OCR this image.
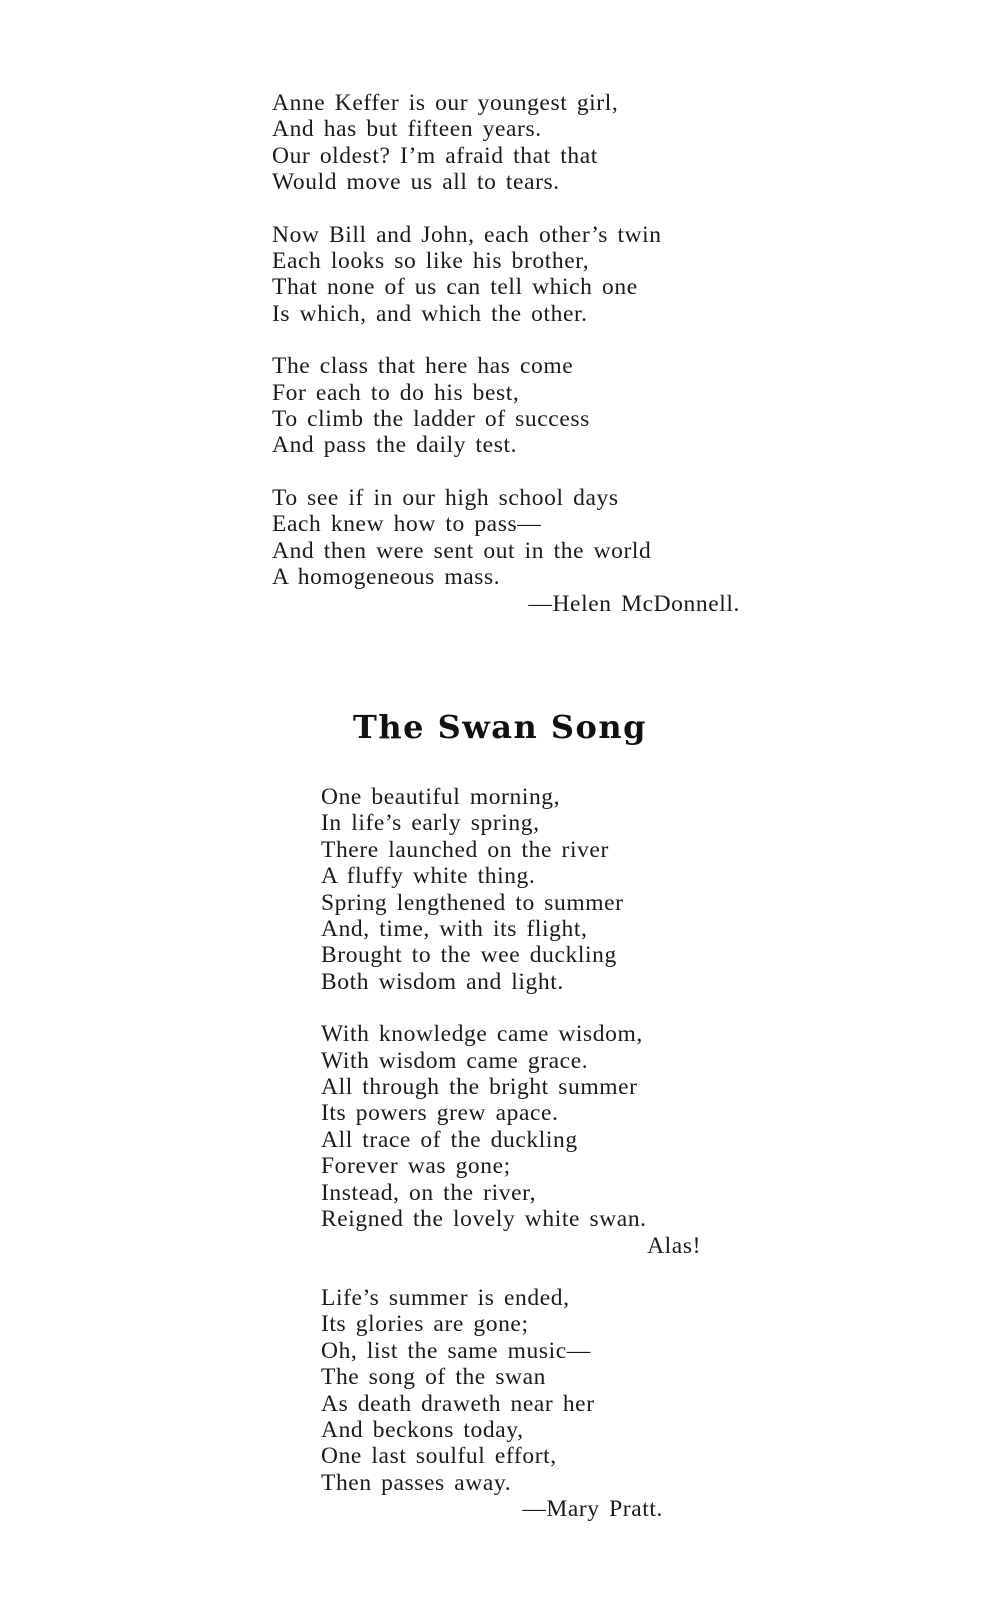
Anne Keffer is our youngest girl,
And has but fifteen years.
Our oldest? I’m afraid that that
Would move us all to tears.
Now Bill and John, each other’s twin
Each looks so like his brother,
That none of us can tell which one
Is which, and which the other.
The class that here has come
For each to do his best,
To climb the ladder of success
And pass the daily test.
To see if in our high school days
Each knew how to pass—
And then were sent out in the world
A homogeneous mass.
—Helen McDonnell.
The Swan Song
One beautiful morning,
In life’s early spring,
There launched on the river
A fluffy white thing.
Spring lengthened to summer
And, time, with its flight,
Brought to the wee duckling
Both wisdom and light.
With knowledge came wisdom,
With wisdom came grace.
All through the bright summer
Its powers grew apace.
All trace of the duckling
Forever was gone;
Instead, on the river,
Reigned the lovely white swan.
Alas!
Life’s summer is ended,
Its glories are gone;
Oh, list the same music—
The song of the swan
As death draweth near her
And beckons today,
One last soulful effort,
Then passes away.
—Mary Pratt.
